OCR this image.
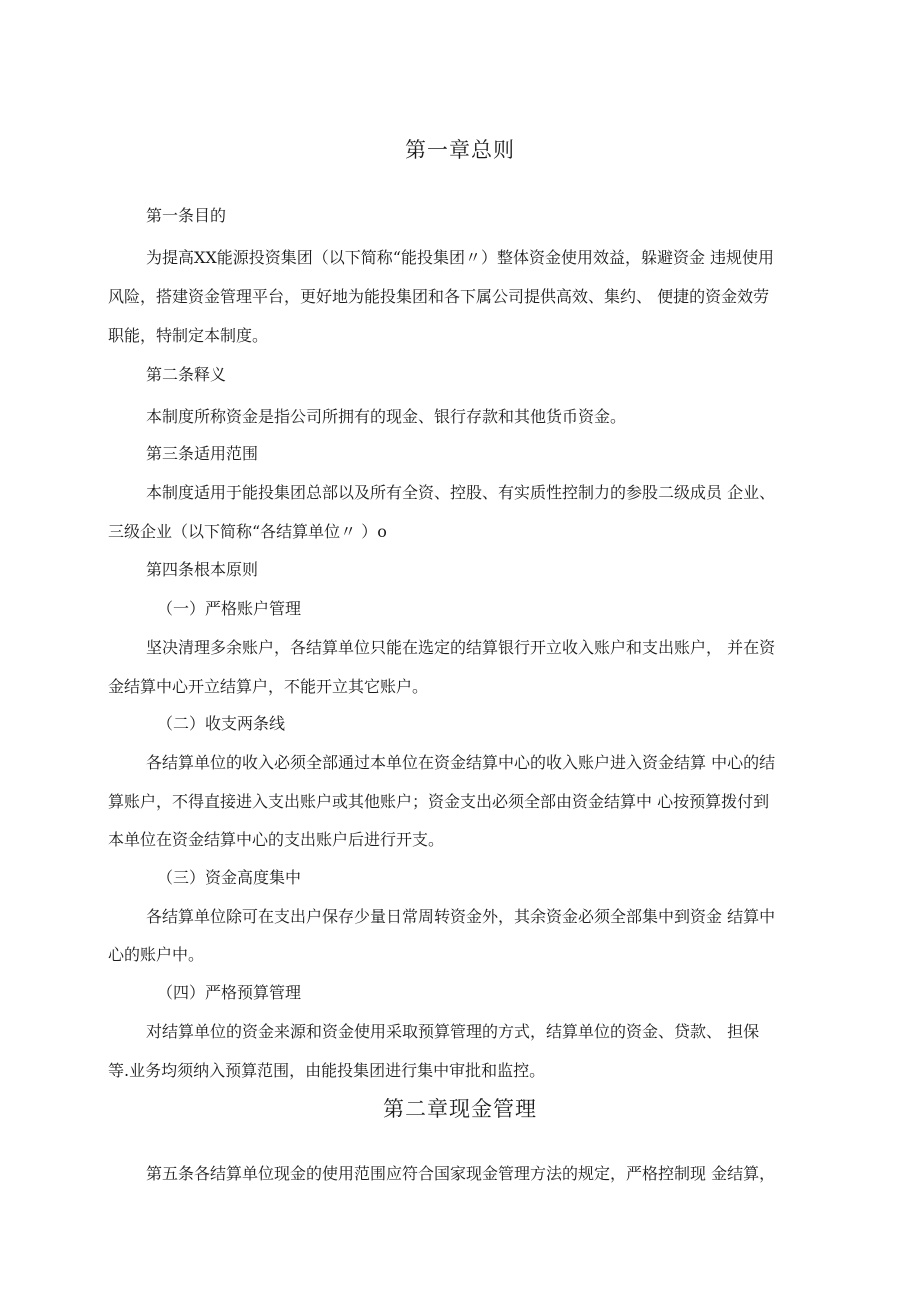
第一章总则
第一条目的
为提高XX能源投资集团（以下简称“能投集团〃）整体资金使用效益，躲避资金 违规使用
风险，搭建资金管理平台，更好地为能投集团和各下属公司提供高效、集约、 便捷的资金效劳
职能，特制定本制度。
第二条释义
本制度所称资金是指公司所拥有的现金、银行存款和其他货币资金。
第三条适用范围
本制度适用于能投集团总部以及所有全资、控股、有实质性控制力的参股二级成员 企业、
三级企业（以下简称“各结算单位〃 ）o
第四条根本原则
（一）严格账户管理
坚决清理多余账户，各结算单位只能在选定的结算银行开立收入账户和支出账户， 并在资
金结算中心开立结算户，不能开立其它账户。
（二）收支两条线
各结算单位的收入必须全部通过本单位在资金结算中心的收入账户进入资金结算 中心的结
算账户，不得直接进入支出账户或其他账户；资金支出必须全部由资金结算中 心按预算拨付到
本单位在资金结算中心的支出账户后进行开支。
（三）资金高度集中
各结算单位除可在支出户保存少量日常周转资金外，其余资金必须全部集中到资金 结算中
心的账户中。
（四）严格预算管理
对结算单位的资金来源和资金使用采取预算管理的方式，结算单位的资金、贷款、 担保
等.业务均须纳入预算范围，由能投集团进行集中审批和监控。
第二章现金管理
第五条各结算单位现金的使用范围应符合国家现金管理方法的规定，严格控制现 金结算，
